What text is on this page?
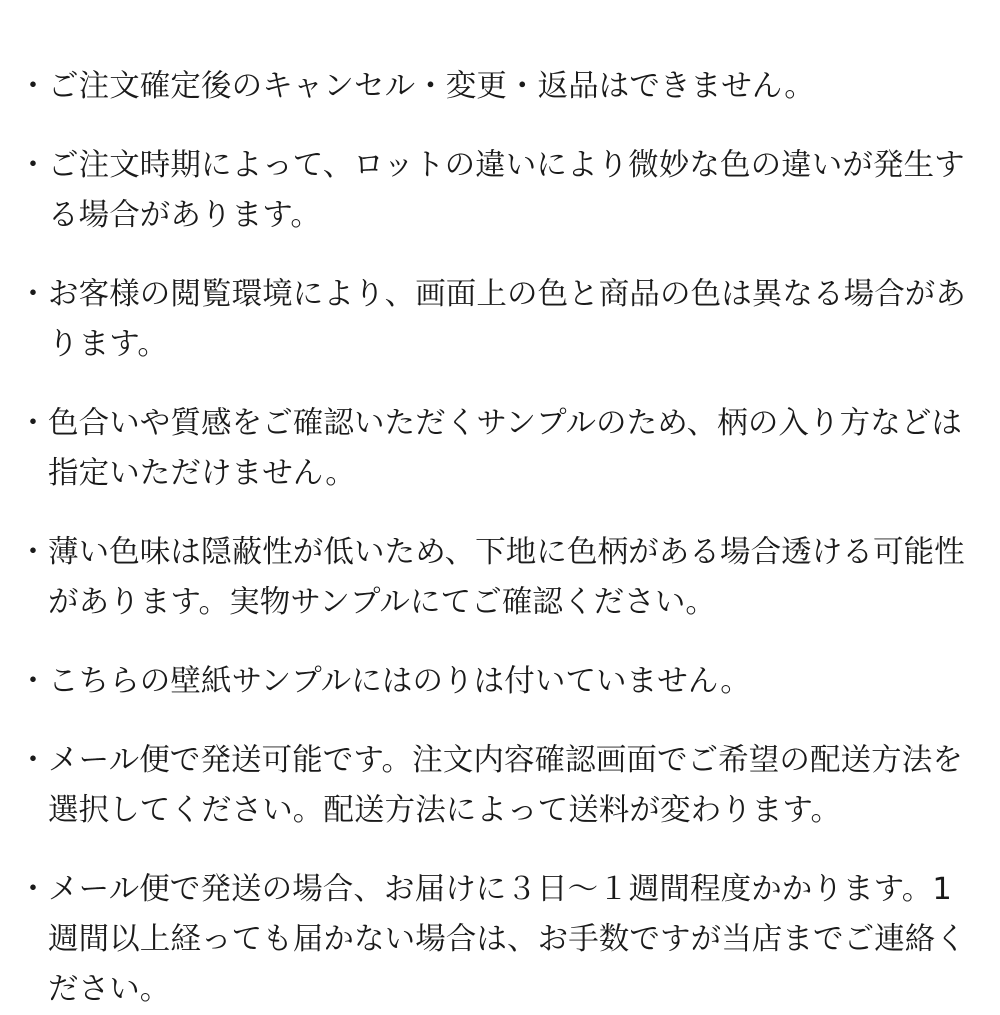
・ ご注文確定後のキャンセル・変更・返品はできません。
・ ご注文時期によって、ロットの違いにより微妙な色の違いが発生する場合があります。
・ お客様の閲覧環境により、画面上の色と商品の色は異なる場合があります。
・ 色合いや質感をご確認いただくサンプルのため、柄の入り方などは指定いただけません。
・ 薄い色味は隠蔽性が低いため、下地に色柄がある場合透ける可能性があります。実物サンプルにてご確認ください。
・ こちらの壁紙サンプルにはのりは付いていません。
・ メール便で発送可能です。注文内容確認画面でご希望の配送方法を選択してください。配送方法によって送料が変わります。
・ メール便で発送の場合、お届けに３日〜１週間程度かかります。1週間以上経っても届かない場合は、お手数ですが当店までご連絡ください。
